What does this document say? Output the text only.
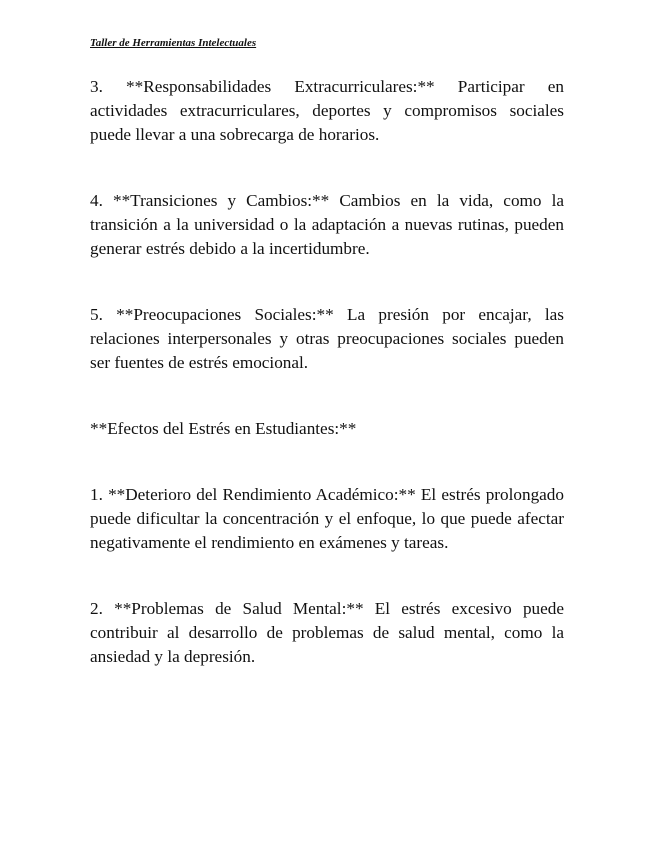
Taller de Herramientas Intelectuales

3. **Responsabilidades Extracurriculares:** Participar en actividades extracurriculares, deportes y compromisos sociales puede llevar a una sobrecarga de horarios.

4. **Transiciones y Cambios:** Cambios en la vida, como la transición a la universidad o la adaptación a nuevas rutinas, pueden generar estrés debido a la incertidumbre.

5. **Preocupaciones Sociales:** La presión por encajar, las relaciones interpersonales y otras preocupaciones sociales pueden ser fuentes de estrés emocional.

**Efectos del Estrés en Estudiantes:**

1. **Deterioro del Rendimiento Académico:** El estrés prolongado puede dificultar la concentración y el enfoque, lo que puede afectar negativamente el rendimiento en exámenes y tareas.

2. **Problemas de Salud Mental:** El estrés excesivo puede contribuir al desarrollo de problemas de salud mental, como la ansiedad y la depresión.
